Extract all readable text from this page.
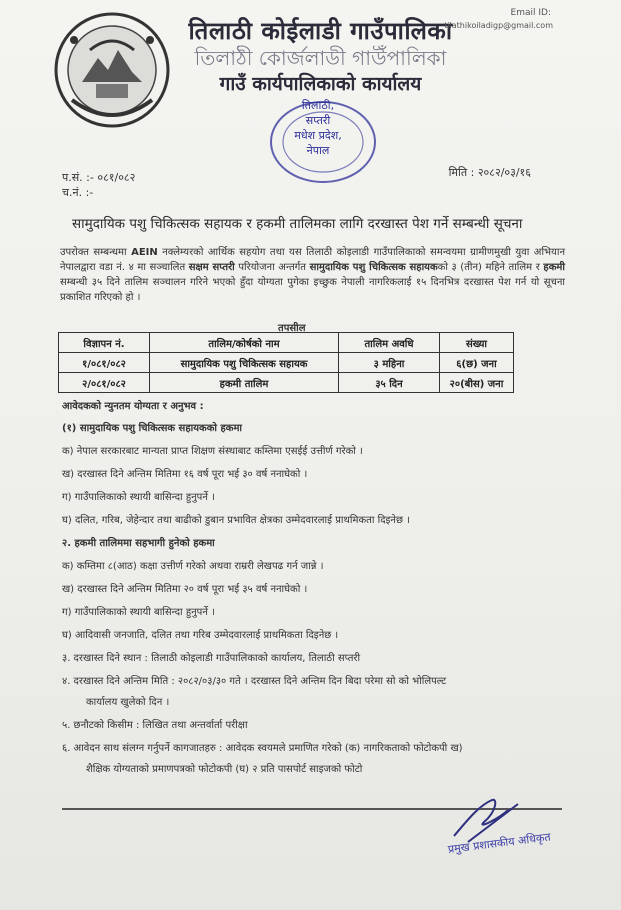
तिलाठी कोईलाडी गाउँपालिका
তিলাঠী কোৰ্জলাডী গাউঁপালিকা
गाउँ कार्यपालिकाको कार्यालय
Email ID:
tilathikoiladigp@gmail.com
तिलाठी, सप्तरी
मधेश प्रदेश, नेपाल
प.सं. :- ०८१/०८२
च.नं. :-
मिति : २०८२/०३/१६
सामुदायिक पशु चिकित्सक सहायक र हकमी तालिमका लागि दरखास्त पेश गर्ने सम्बन्धी सूचना
उपरोक्त सम्बन्धमा AEIN नक्लेम्यरको आर्थिक सहयोग तथा यस तिलाठी कोइलाडी गाउँपालिकाको समन्वयमा ग्रामीणमुखी युवा अभियान नेपालद्वारा वडा नं. ४ मा सञ्चालित सक्षम सप्तरी परियोजना अन्तर्गत सामुदायिक पशु चिकित्सक सहायकको ३ (तीन) महिने तालिम र हकमी सम्बन्धी ३५ दिने तालिम सञ्चालन गरिने भएको हुँदा योग्यता पुगेका इच्छुक नेपाली नागरिकलाई १५ दिनभित्र दरखास्त पेश गर्न यो सूचना प्रकाशित गरिएको हो ।
तपसील
विज्ञापन नं.	तालिम/कोर्षको नाम	तालिम अवधि	संख्या
१/०८१/०८२	सामुदायिक पशु चिकित्सक सहायक	३ महिना	६(छ) जना
२/०८१/०८२	हकमी तालिम	३५ दिन	२०(बीस) जना
आवेदकको न्युनतम योग्यता र अनुभव :
(१) सामुदायिक पशु चिकित्सक सहायकको हकमा
क) नेपाल सरकारबाट मान्यता प्राप्त शिक्षण संस्थाबाट कम्तिमा एसईई उत्तीर्ण गरेको ।
ख) दरखास्त दिने अन्तिम मितिमा १६ वर्ष पूरा भई ३० वर्ष ननाघेको ।
ग) गाउँपालिकाको स्थायी बासिन्दा हुनुपर्ने ।
घ) दलित, गरिब, जेहेन्दार तथा बाढीको डुबान प्रभावित क्षेत्रका उम्मेदवारलाई प्राथमिकता दिइनेछ ।
२. हकमी तालिममा सहभागी हुनेको हकमा
क) कम्तिमा ८(आठ) कक्षा उत्तीर्ण गरेको अथवा राम्ररी लेखपढ गर्न जान्ने ।
ख) दरखास्त दिने अन्तिम मितिमा २० वर्ष पूरा भई ३५ वर्ष ननाघेको ।
ग) गाउँपालिकाको स्थायी बासिन्दा हुनुपर्ने ।
घ) आदिवासी जनजाति, दलित तथा गरिब उम्मेदवारलाई प्राथमिकता दिइनेछ ।
३. दरखास्त दिने स्थान : तिलाठी कोइलाडी गाउँपालिकाको कार्यालय, तिलाठी सप्तरी
४. दरखास्त दिने अन्तिम मिति : २०८२/०३/३० गते । दरखास्त दिने अन्तिम दिन बिदा परेमा सो को भोलिपल्ट
कार्यालय खुलेको दिन ।
५. छनौटको किसीम : लिखित तथा अन्तर्वार्ता परीक्षा
६. आवेदन साथ संलग्न गर्नुपर्ने कागजातहरु : आवेदक स्वयमले प्रमाणित गरेको (क) नागरिकताको फोटोकपी ख)
शैक्षिक योग्यताको प्रमाणपत्रको फोटोकपी (घ) २ प्रति पासपोर्ट साइजको फोटो
प्रमुख प्रशासकीय अधिकृत
